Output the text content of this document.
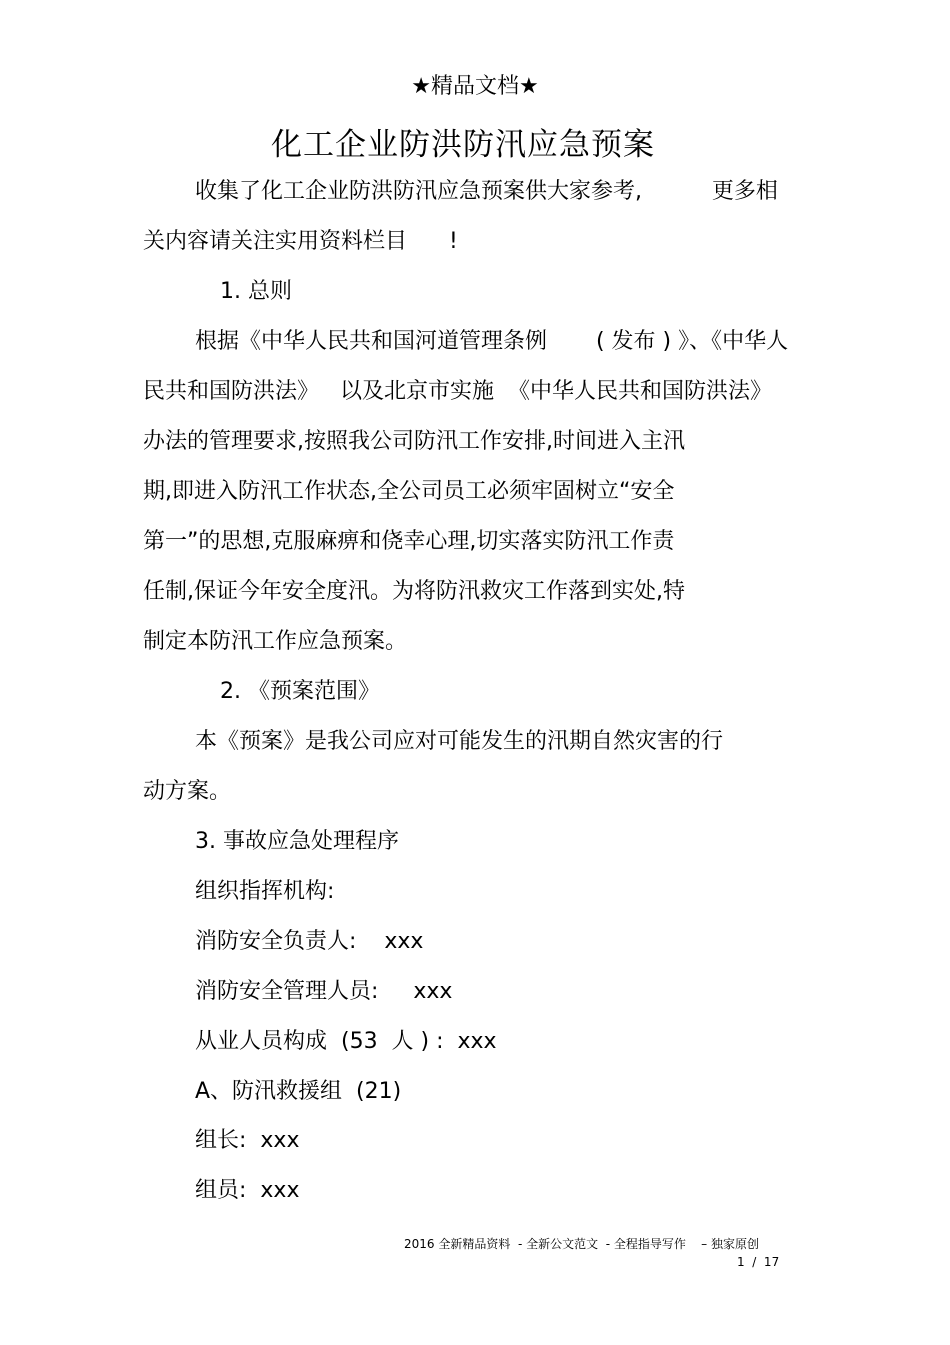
★精品文档★
化工企业防洪防汛应急预案
收集了化工企业防洪防汛应急预案供大家参考,          更多相
关内容请关注实用资料栏目      !
1. 总则
根据《中华人民共和国河道管理条例       ( 发布 ) 》、《中华人
民共和国防洪法》   以及北京市实施  《中华人民共和国防洪法》
办法的管理要求,按照我公司防汛工作安排,时间进入主汛
期,即进入防汛工作状态,全公司员工必须牢固树立“安全
第一”的思想,克服麻痹和侥幸心理,切实落实防汛工作责
任制,保证今年安全度汛。为将防汛救灾工作落到实处,特
制定本防汛工作应急预案。
2. 《预案范围》
本《预案》是我公司应对可能发生的汛期自然灾害的行
动方案。
3. 事故应急处理程序
组织指挥机构:
消防安全负责人:    xxx
消防安全管理人员:     xxx
从业人员构成  (53  人 ) :  xxx
A、防汛救援组  (21)
组长:  xxx
组员:  xxx
2016 全新精品资料  - 全新公文范文  - 全程指导写作    – 独家原创
1  /  17
